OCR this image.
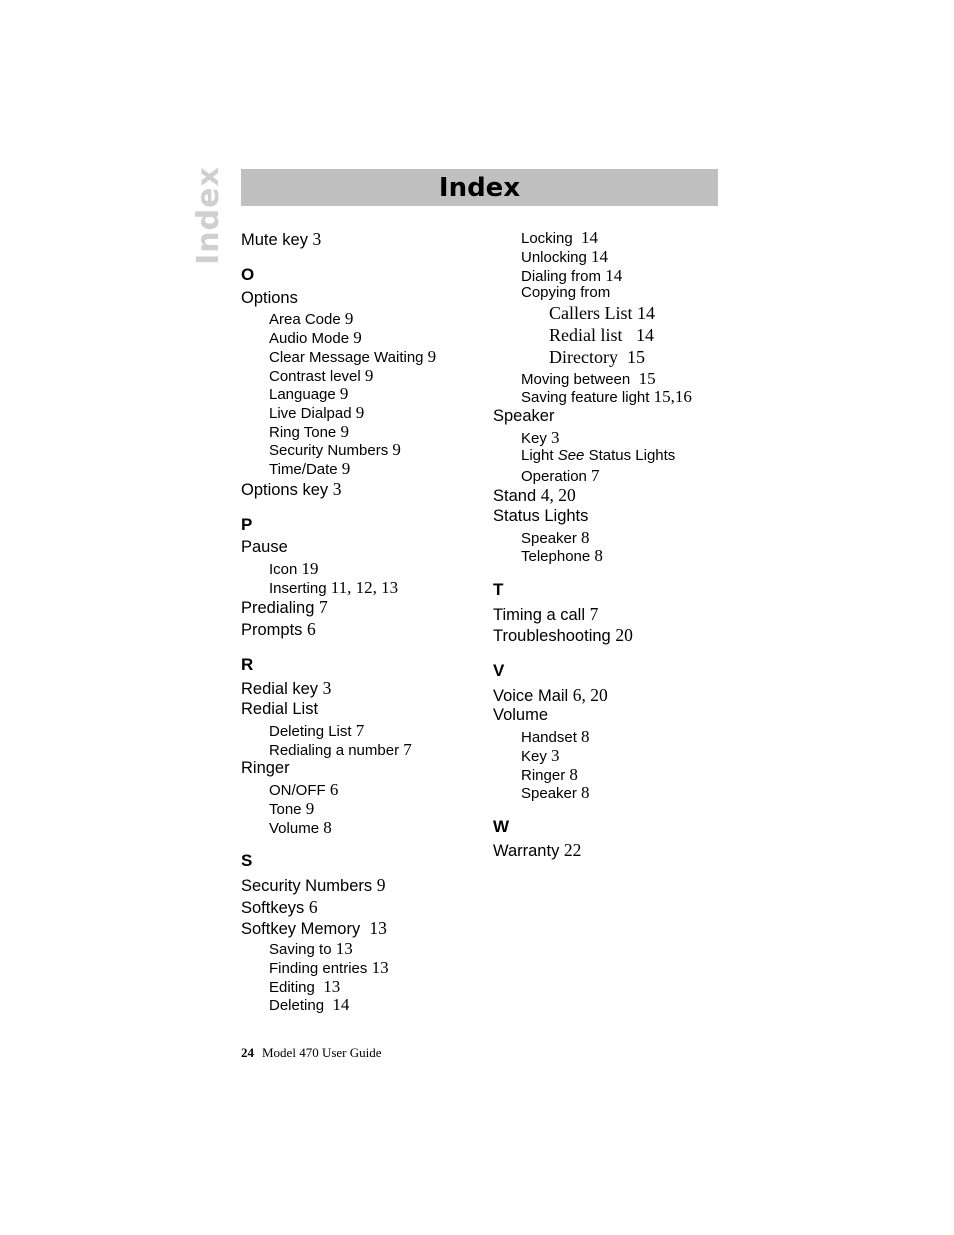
Index	Index
Mute key 3
O
Options
Area Code 9
Audio Mode 9
Clear Message Waiting 9
Contrast level 9
Language 9
Live Dialpad 9
Ring Tone 9
Security Numbers 9
Time/Date 9
Options key 3
P
Pause
Icon 19
Inserting 11, 12, 13
Predialing 7
Prompts 6
R
Redial key 3
Redial List
Deleting List 7
Redialing a number 7
Ringer
ON/OFF 6
Tone 9
Volume 8
S
Security Numbers 9
Softkeys 6
Softkey Memory  13
Saving to 13
Finding entries 13
Editing  13
Deleting  14
Locking  14
Unlocking 14
Dialing from 14
Copying from
Callers List 14
Redial list   14
Directory  15
Moving between  15
Saving feature light 15,16
Speaker
Key 3
Light See Status Lights
Operation 7
Stand 4, 20
Status Lights
Speaker 8
Telephone 8
T
Timing a call 7
Troubleshooting 20
V
Voice Mail 6, 20
Volume
Handset 8
Key 3
Ringer 8
Speaker 8
W
Warranty 22
24 Model 470 User Guide
